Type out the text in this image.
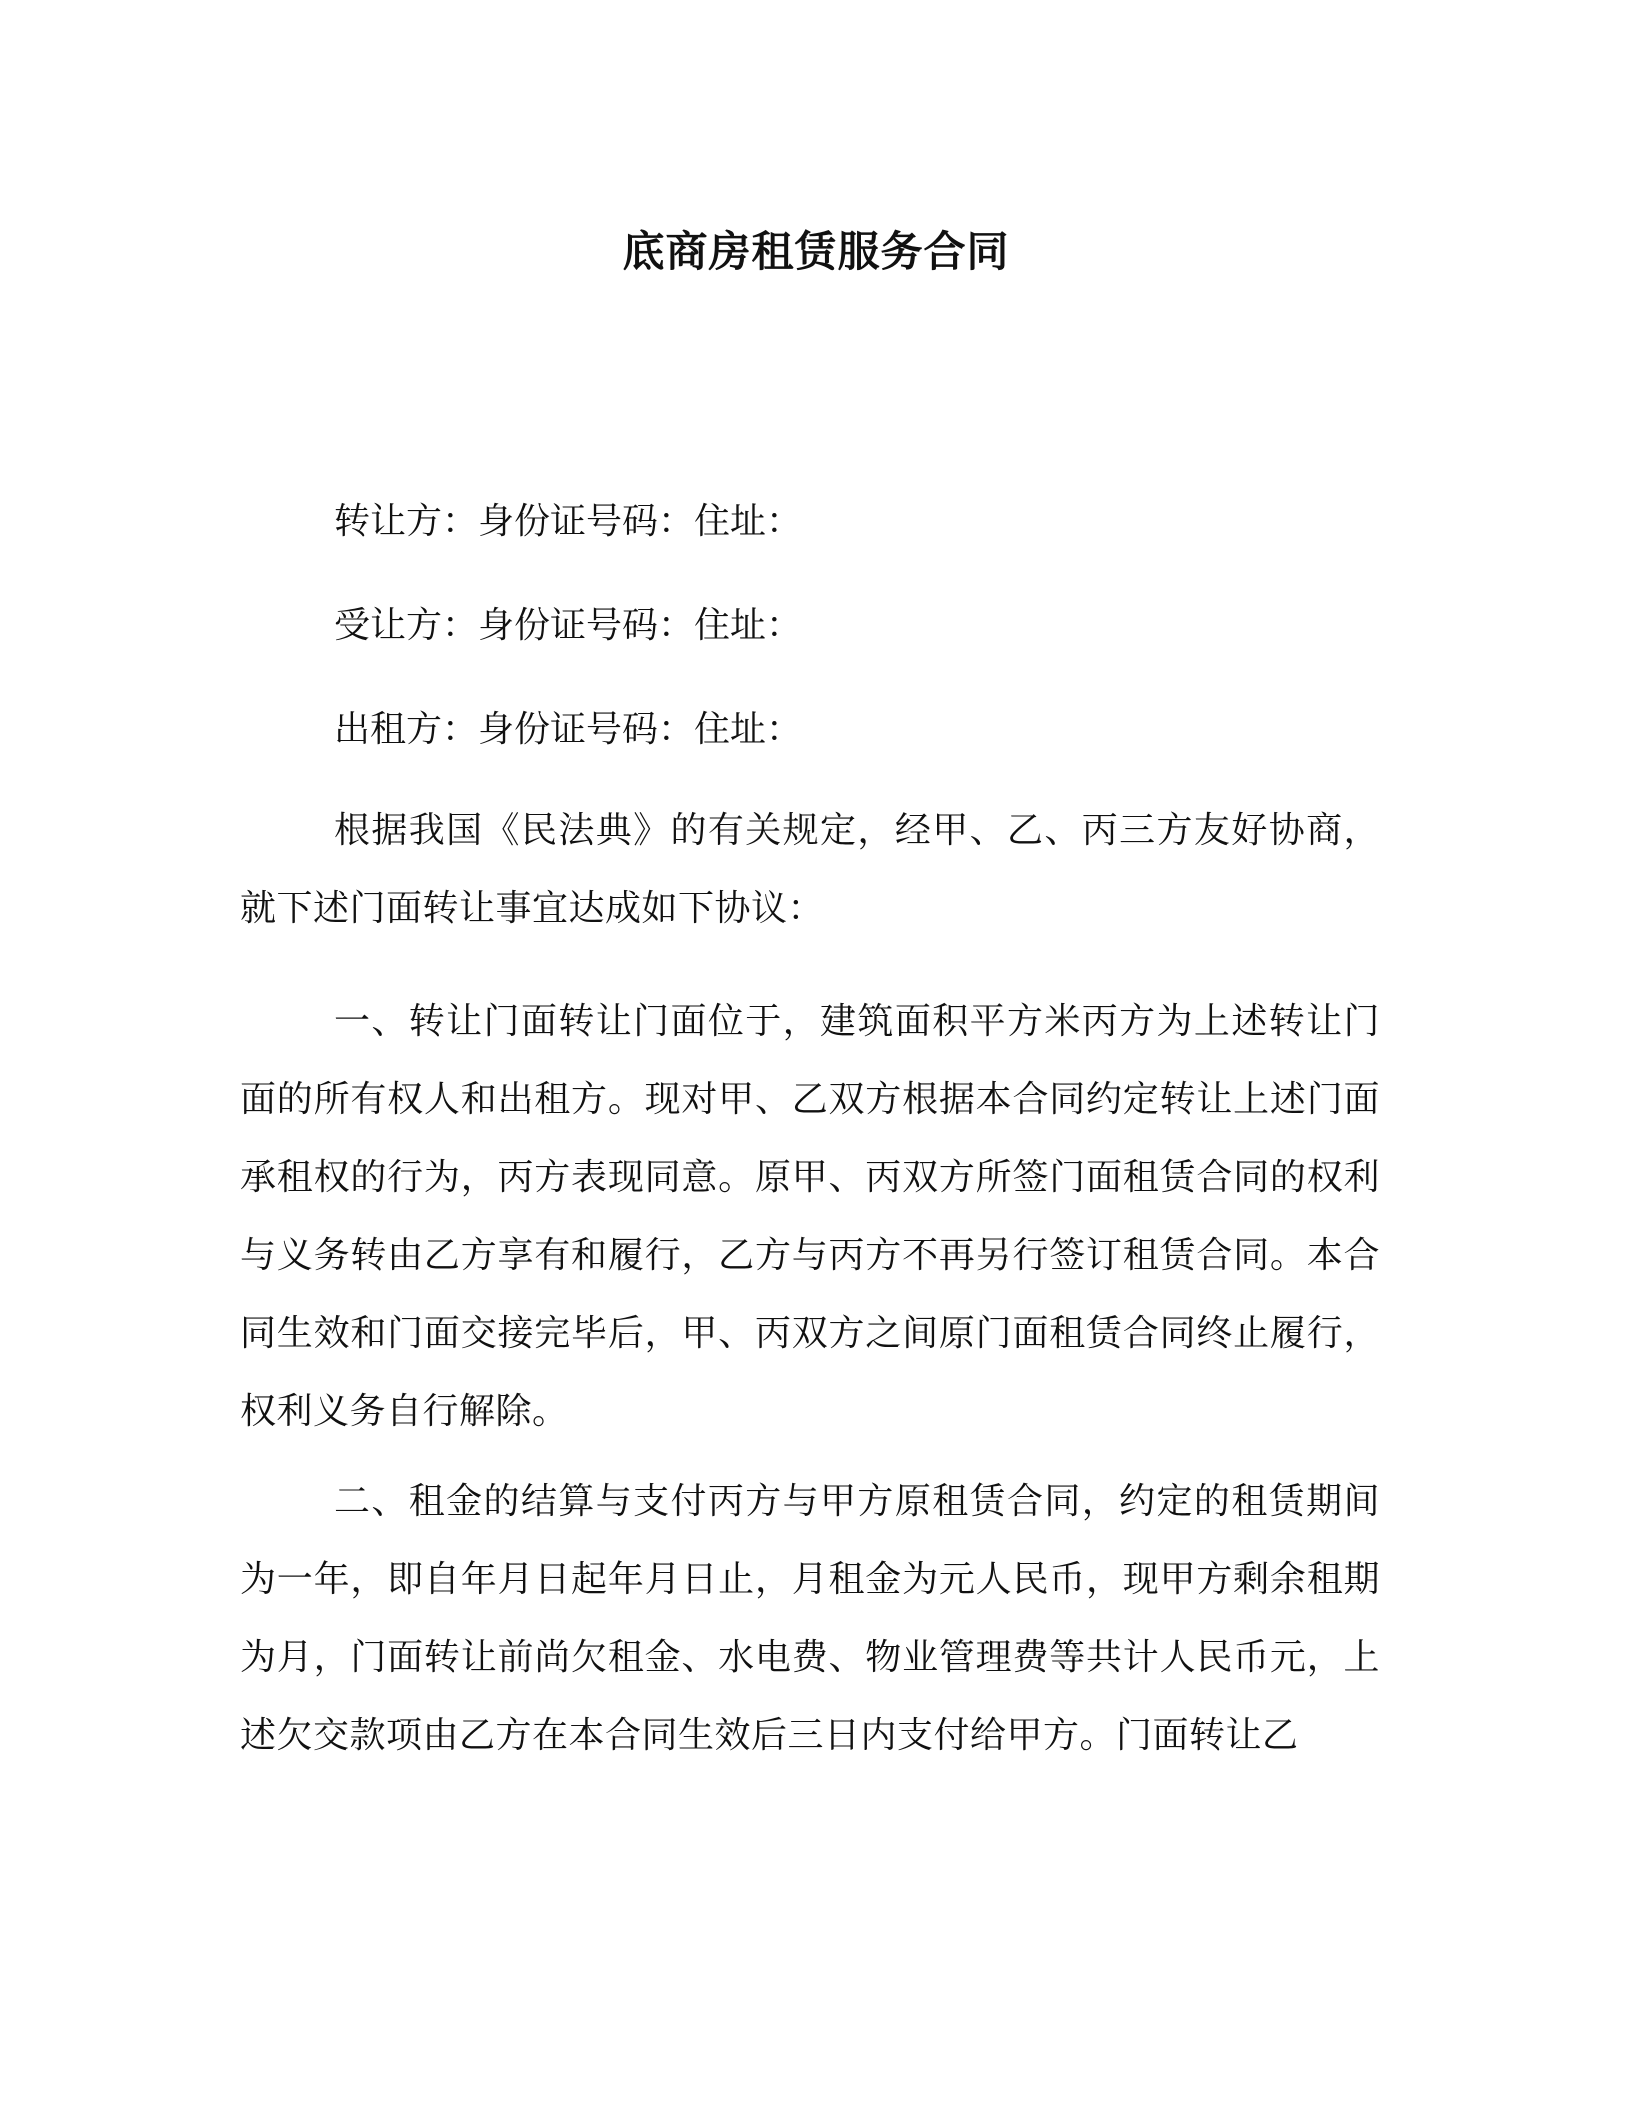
底商房租赁服务合同

转让方：身份证号码：住址：

受让方：身份证号码：住址：

出租方：身份证号码：住址：

根据我国《民法典》的有关规定，经甲、乙、丙三方友好协商，就下述门面转让事宜达成如下协议：

一、转让门面转让门面位于，建筑面积平方米丙方为上述转让门面的所有权人和出租方。现对甲、乙双方根据本合同约定转让上述门面承租权的行为，丙方表现同意。原甲、丙双方所签门面租赁合同的权利与义务转由乙方享有和履行，乙方与丙方不再另行签订租赁合同。本合同生效和门面交接完毕后，甲、丙双方之间原门面租赁合同终止履行，权利义务自行解除。

二、租金的结算与支付丙方与甲方原租赁合同，约定的租赁期间为一年，即自年月日起年月日止，月租金为元人民币，现甲方剩余租期为月，门面转让前尚欠租金、水电费、物业管理费等共计人民币元，上述欠交款项由乙方在本合同生效后三日内支付给甲方。门面转让乙
